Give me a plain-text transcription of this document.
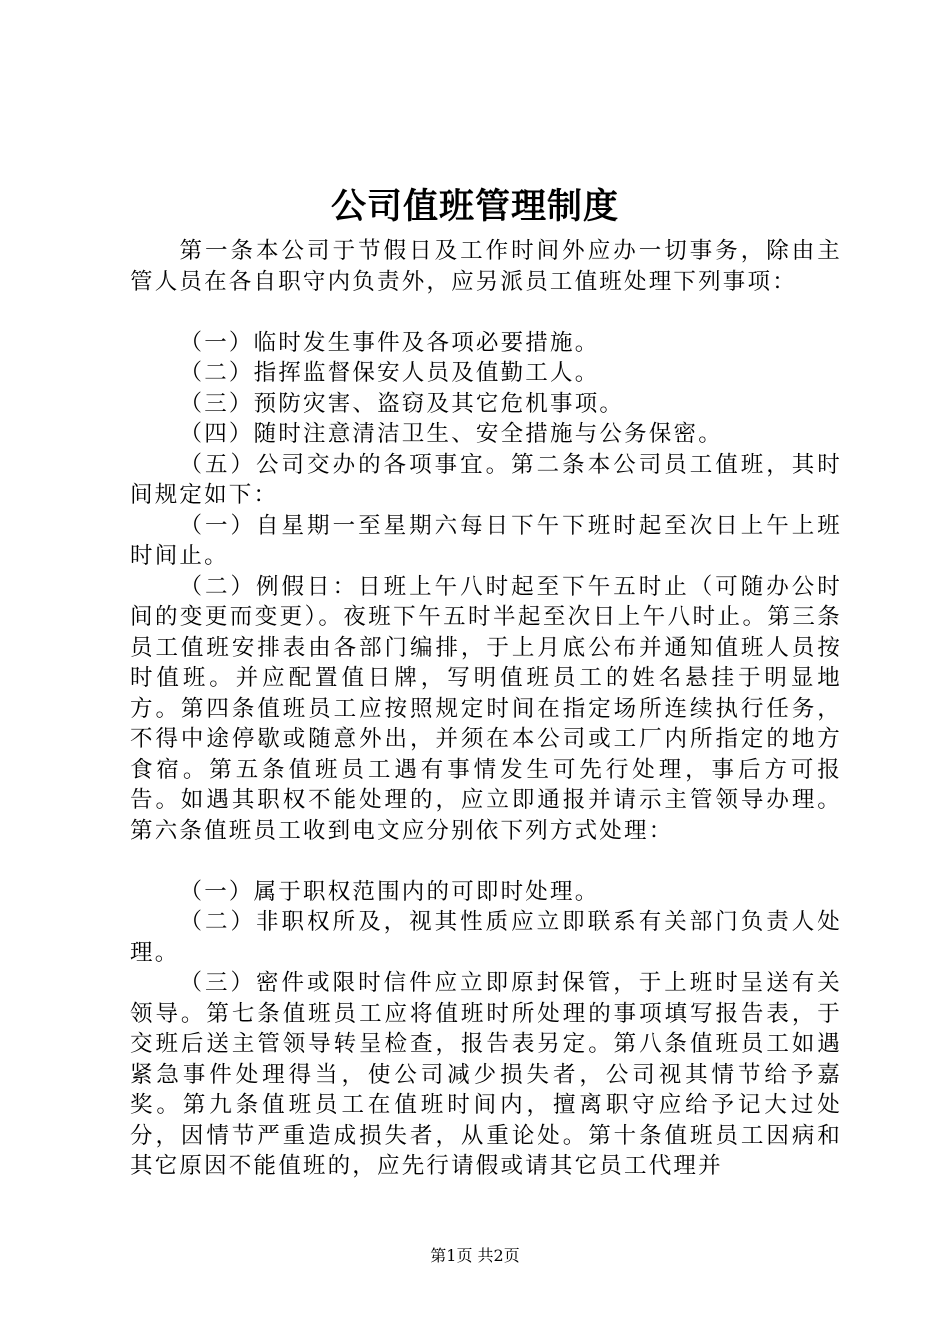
公司值班管理制度

第一条本公司于节假日及工作时间外应办一切事务，除由主管人员在各自职守内负责外，应另派员工值班处理下列事项：

（一）临时发生事件及各项必要措施。

（二）指挥监督保安人员及值勤工人。

（三）预防灾害、盗窃及其它危机事项。

（四）随时注意清洁卫生、安全措施与公务保密。

（五）公司交办的各项事宜。第二条本公司员工值班，其时间规定如下：

（一）自星期一至星期六每日下午下班时起至次日上午上班时间止。

（二）例假日：日班上午八时起至下午五时止（可随办公时间的变更而变更）。夜班下午五时半起至次日上午八时止。第三条员工值班安排表由各部门编排，于上月底公布并通知值班人员按时值班。并应配置值日牌，写明值班员工的姓名悬挂于明显地方。第四条值班员工应按照规定时间在指定场所连续执行任务，不得中途停歇或随意外出，并须在本公司或工厂内所指定的地方食宿。第五条值班员工遇有事情发生可先行处理，事后方可报告。如遇其职权不能处理的，应立即通报并请示主管领导办理。第六条值班员工收到电文应分别依下列方式处理：

（一）属于职权范围内的可即时处理。

（二）非职权所及，视其性质应立即联系有关部门负责人处理。

（三）密件或限时信件应立即原封保管，于上班时呈送有关领导。第七条值班员工应将值班时所处理的事项填写报告表，于交班后送主管领导转呈检查，报告表另定。第八条值班员工如遇紧急事件处理得当，使公司减少损失者，公司视其情节给予嘉奖。第九条值班员工在值班时间内，擅离职守应给予记大过处分，因情节严重造成损失者，从重论处。第十条值班员工因病和其它原因不能值班的，应先行请假或请其它员工代理并

第1页 共2页
